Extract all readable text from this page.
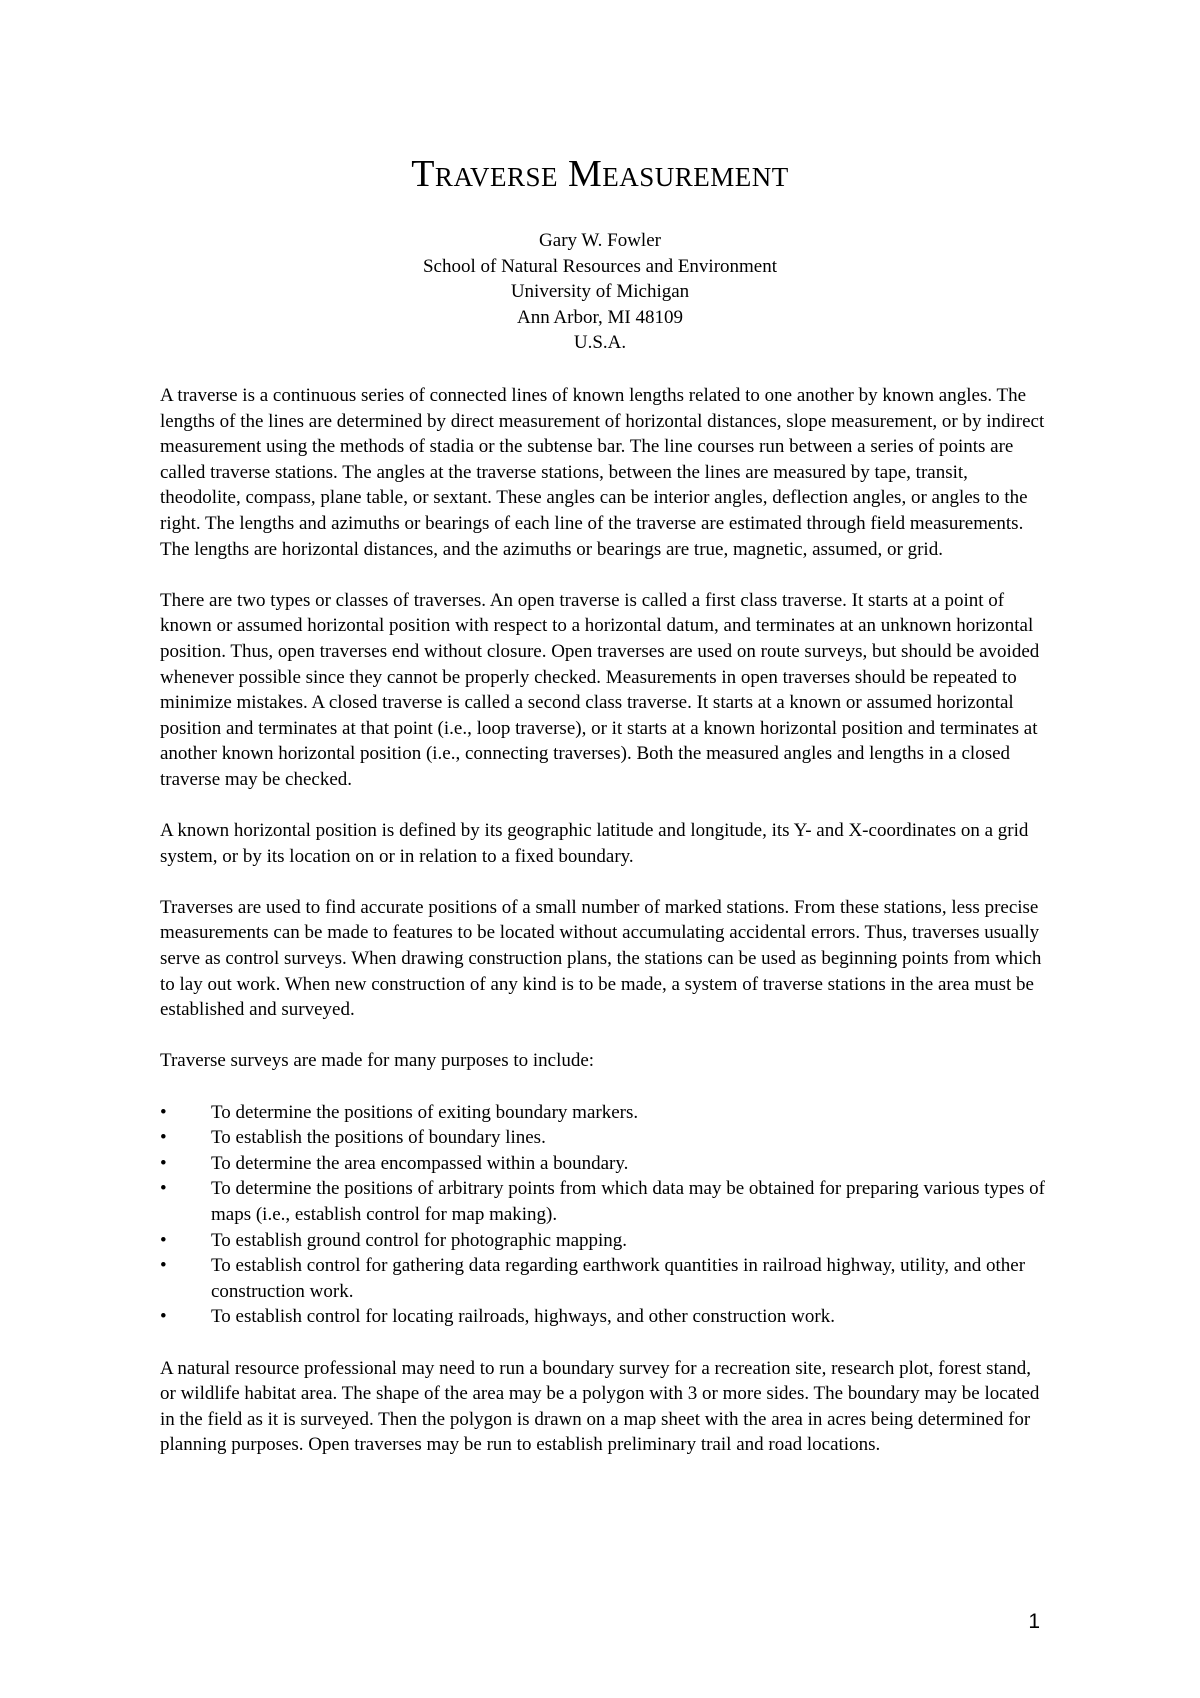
Traverse Measurement
Gary W. Fowler
School of Natural Resources and Environment
University of Michigan
Ann Arbor, MI 48109
U.S.A.

A traverse is a continuous series of connected lines of known lengths related to one another by known angles. The lengths of the lines are determined by direct measurement of horizontal distances, slope measurement, or by indirect measurement using the methods of stadia or the subtense bar. The line courses run between a series of points are called traverse stations. The angles at the traverse stations, between the lines are measured by tape, transit, theodolite, compass, plane table, or sextant. These angles can be interior angles, deflection angles, or angles to the right. The lengths and azimuths or bearings of each line of the traverse are estimated through field measurements. The lengths are horizontal distances, and the azimuths or bearings are true, magnetic, assumed, or grid.

There are two types or classes of traverses. An open traverse is called a first class traverse. It starts at a point of known or assumed horizontal position with respect to a horizontal datum, and terminates at an unknown horizontal position. Thus, open traverses end without closure. Open traverses are used on route surveys, but should be avoided whenever possible since they cannot be properly checked. Measurements in open traverses should be repeated to minimize mistakes. A closed traverse is called a second class traverse. It starts at a known or assumed horizontal position and terminates at that point (i.e., loop traverse), or it starts at a known horizontal position and terminates at another known horizontal position (i.e., connecting traverses). Both the measured angles and lengths in a closed traverse may be checked.

A known horizontal position is defined by its geographic latitude and longitude, its Y- and X-coordinates on a grid system, or by its location on or in relation to a fixed boundary.

Traverses are used to find accurate positions of a small number of marked stations. From these stations, less precise measurements can be made to features to be located without accumulating accidental errors. Thus, traverses usually serve as control surveys. When drawing construction plans, the stations can be used as beginning points from which to lay out work. When new construction of any kind is to be made, a system of traverse stations in the area must be established and surveyed.

Traverse surveys are made for many purposes to include:

•	To determine the positions of exiting boundary markers.
•	To establish the positions of boundary lines.
•	To determine the area encompassed within a boundary.
•	To determine the positions of arbitrary points from which data may be obtained for preparing various types of maps (i.e., establish control for map making).
•	To establish ground control for photographic mapping.
•	To establish control for gathering data regarding earthwork quantities in railroad highway, utility, and other construction work.
•	To establish control for locating railroads, highways, and other construction work.

A natural resource professional may need to run a boundary survey for a recreation site, research plot, forest stand, or wildlife habitat area. The shape of the area may be a polygon with 3 or more sides. The boundary may be located in the field as it is surveyed. Then the polygon is drawn on a map sheet with the area in acres being determined for planning purposes. Open traverses may be run to establish preliminary trail and road locations.

1
